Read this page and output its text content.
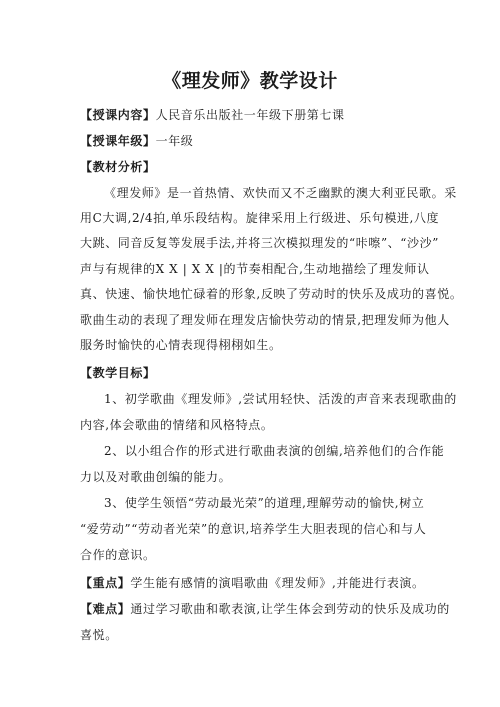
《理发师》教学设计
【授课内容】人民音乐出版社一年级下册第七课
【授课年级】一年级
【教材分析】
《理发师》是一首热情、欢快而又不乏幽默的澳大利亚民歌。采
用C大调,2/4拍,单乐段结构。旋律采用上行级进、乐句模进,八度
大跳、同音反复等发展手法,并将三次模拟理发的“咔嚓”、“沙沙”
声与有规律的X X | X X |的节奏相配合,生动地描绘了理发师认
真、快速、愉快地忙碌着的形象,反映了劳动时的快乐及成功的喜悦。
歌曲生动的表现了理发师在理发店愉快劳动的情景,把理发师为他人
服务时愉快的心情表现得栩栩如生。
【教学目标】
1、初学歌曲《理发师》,尝试用轻快、活泼的声音来表现歌曲的
内容,体会歌曲的情绪和风格特点。
2、以小组合作的形式进行歌曲表演的创编,培养他们的合作能
力以及对歌曲创编的能力。
3、使学生领悟“劳动最光荣”的道理,理解劳动的愉快,树立
“爱劳动”“劳动者光荣”的意识,培养学生大胆表现的信心和与人
合作的意识。
【重点】学生能有感情的演唱歌曲《理发师》,并能进行表演。
【难点】通过学习歌曲和歌表演,让学生体会到劳动的快乐及成功的
喜悦。
